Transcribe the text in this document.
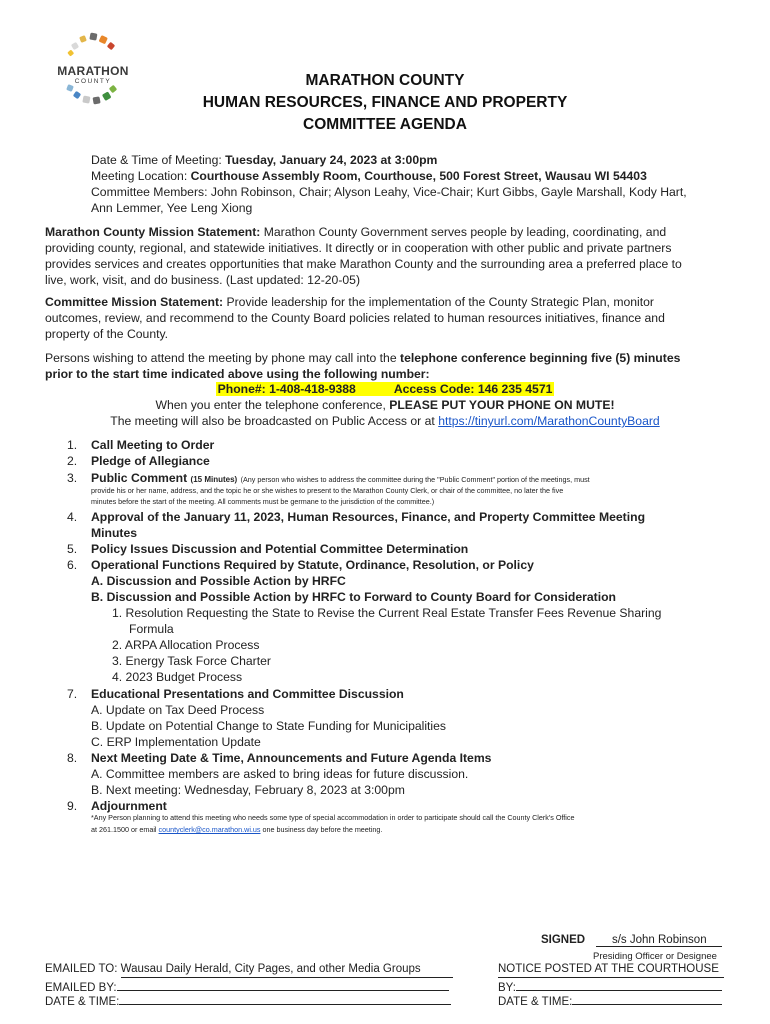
MARATHON
COUNTY	MARATHON COUNTY
HUMAN RESOURCES, FINANCE AND PROPERTY
COMMITTEE AGENDA
Date & Time of Meeting: Tuesday, January 24, 2023 at 3:00pm
Meeting Location: Courthouse Assembly Room, Courthouse, 500 Forest Street, Wausau WI 54403
Committee Members: John Robinson, Chair; Alyson Leahy, Vice-Chair; Kurt Gibbs, Gayle Marshall, Kody Hart,
Ann Lemmer, Yee Leng Xiong
Marathon County Mission Statement: Marathon County Government serves people by leading, coordinating, and
providing county, regional, and statewide initiatives. It directly or in cooperation with other public and private partners
provides services and creates opportunities that make Marathon County and the surrounding area a preferred place to
live, work, visit, and do business. (Last updated: 12-20-05)
Committee Mission Statement: Provide leadership for the implementation of the County Strategic Plan, monitor
outcomes, review, and recommend to the County Board policies related to human resources initiatives, finance and
property of the County.
Persons wishing to attend the meeting by phone may call into the telephone conference beginning five (5) minutes
prior to the start time indicated above using the following number:
Phone#: 1-408-418-9388	Access Code: 146 235 4571
When you enter the telephone conference, PLEASE PUT YOUR PHONE ON MUTE!
The meeting will also be broadcasted on Public Access or at https://tinyurl.com/MarathonCountyBoard
1.	Call Meeting to Order
2.	Pledge of Allegiance
3.	Public Comment (15 Minutes) (Any person who wishes to address the committee during the "Public Comment" portion of the meetings, must
provide his or her name, address, and the topic he or she wishes to present to the Marathon County Clerk, or chair of the committee, no later the five
minutes before the start of the meeting. All comments must be germane to the jurisdiction of the committee.)
4.	Approval of the January 11, 2023, Human Resources, Finance, and Property Committee Meeting
Minutes
5.	Policy Issues Discussion and Potential Committee Determination
6.	Operational Functions Required by Statute, Ordinance, Resolution, or Policy
A. Discussion and Possible Action by HRFC
B. Discussion and Possible Action by HRFC to Forward to County Board for Consideration
1. Resolution Requesting the State to Revise the Current Real Estate Transfer Fees Revenue Sharing
Formula
2. ARPA Allocation Process
3. Energy Task Force Charter
4. 2023 Budget Process
7.	Educational Presentations and Committee Discussion
A. Update on Tax Deed Process
B. Update on Potential Change to State Funding for Municipalities
C. ERP Implementation Update
8.	Next Meeting Date & Time, Announcements and Future Agenda Items
A. Committee members are asked to bring ideas for future discussion.
B. Next meeting: Wednesday, February 8, 2023 at 3:00pm
9.	Adjournment
*Any Person planning to attend this meeting who needs some type of special accommodation in order to participate should call the County Clerk's Office
at 261.1500 or email countyclerk@co.marathon.wi.us one business day before the meeting.
SIGNED s/s John Robinson
Presiding Officer or Designee
EMAILED TO: Wausau Daily Herald, City Pages, and other Media Groups
EMAILED BY:
DATE & TIME:
NOTICE POSTED AT THE COURTHOUSE
BY:
DATE & TIME:
